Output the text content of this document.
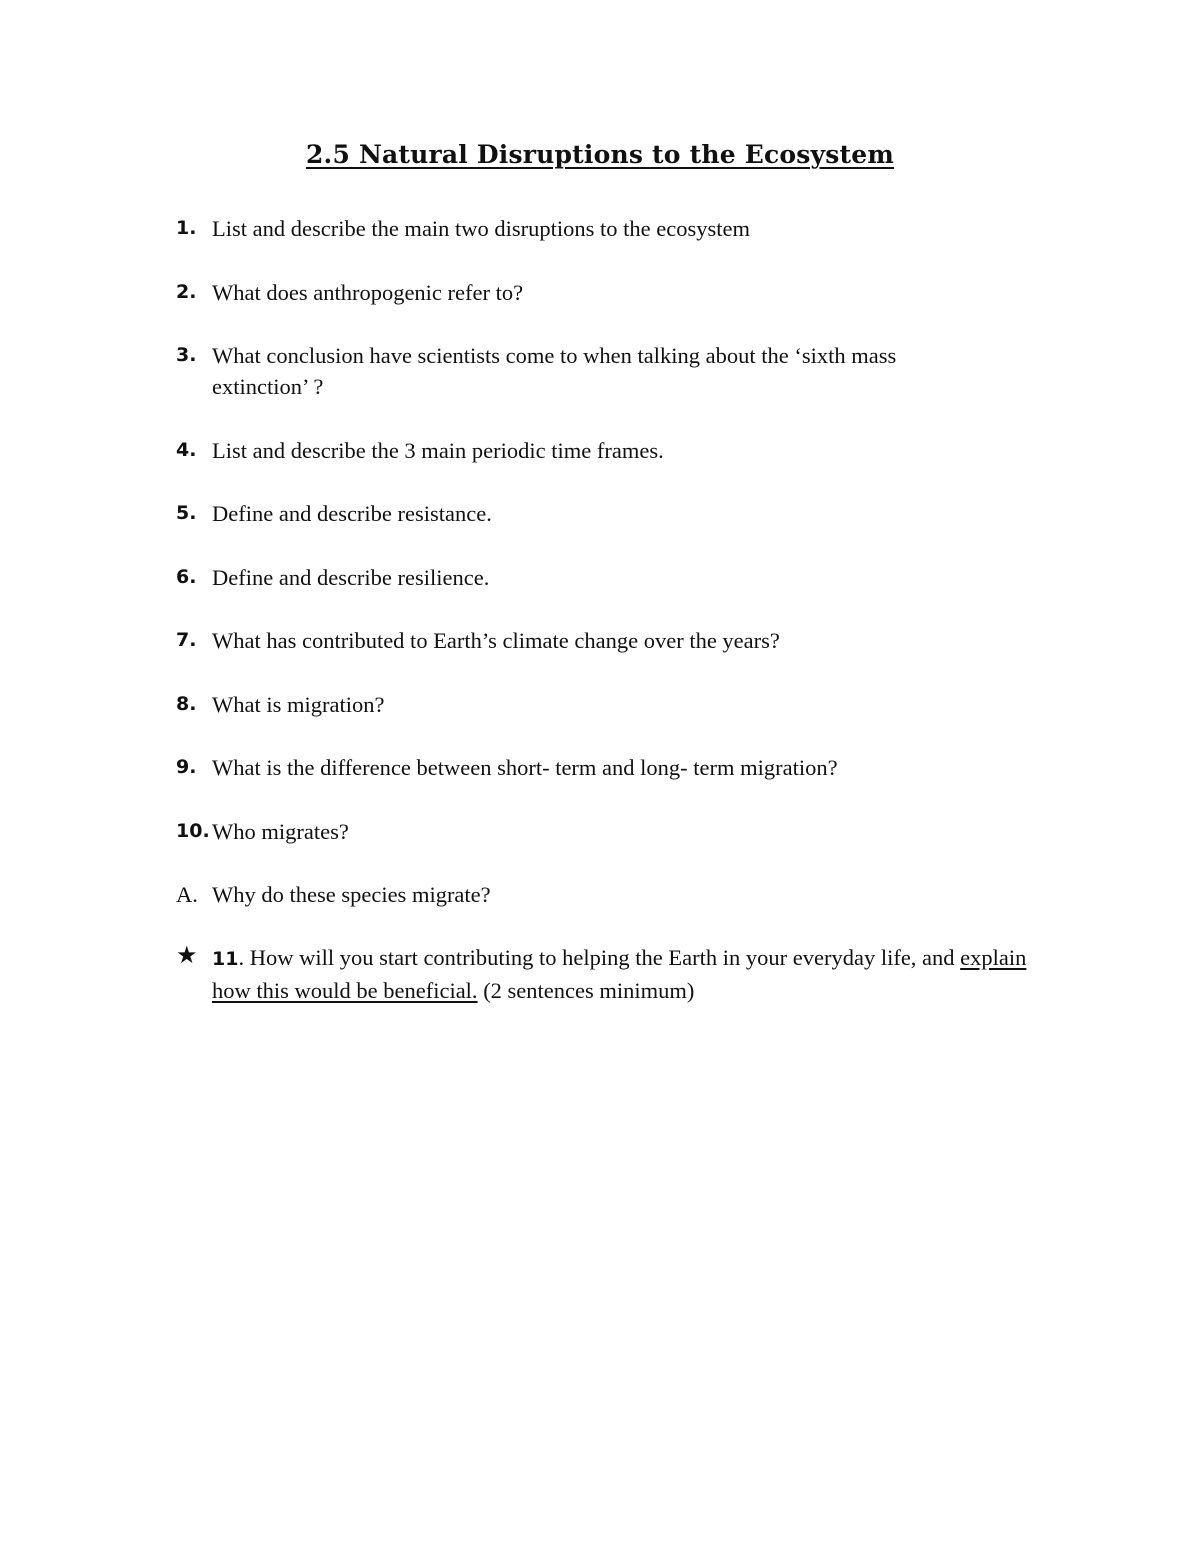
2.5 Natural Disruptions to the Ecosystem
1. List and describe the main two disruptions to the ecosystem
2. What does anthropogenic refer to?
3. What conclusion have scientists come to when talking about the ‘sixth mass extinction’ ?
4. List and describe the 3 main periodic time frames.
5. Define and describe resistance.
6. Define and describe resilience.
7. What has contributed to Earth’s climate change over the years?
8. What is migration?
9. What is the difference between short- term and long- term migration?
10. Who migrates?
A. Why do these species migrate?
★ 11. How will you start contributing to helping the Earth in your everyday life, and explain how this would be beneficial. (2 sentences minimum)
